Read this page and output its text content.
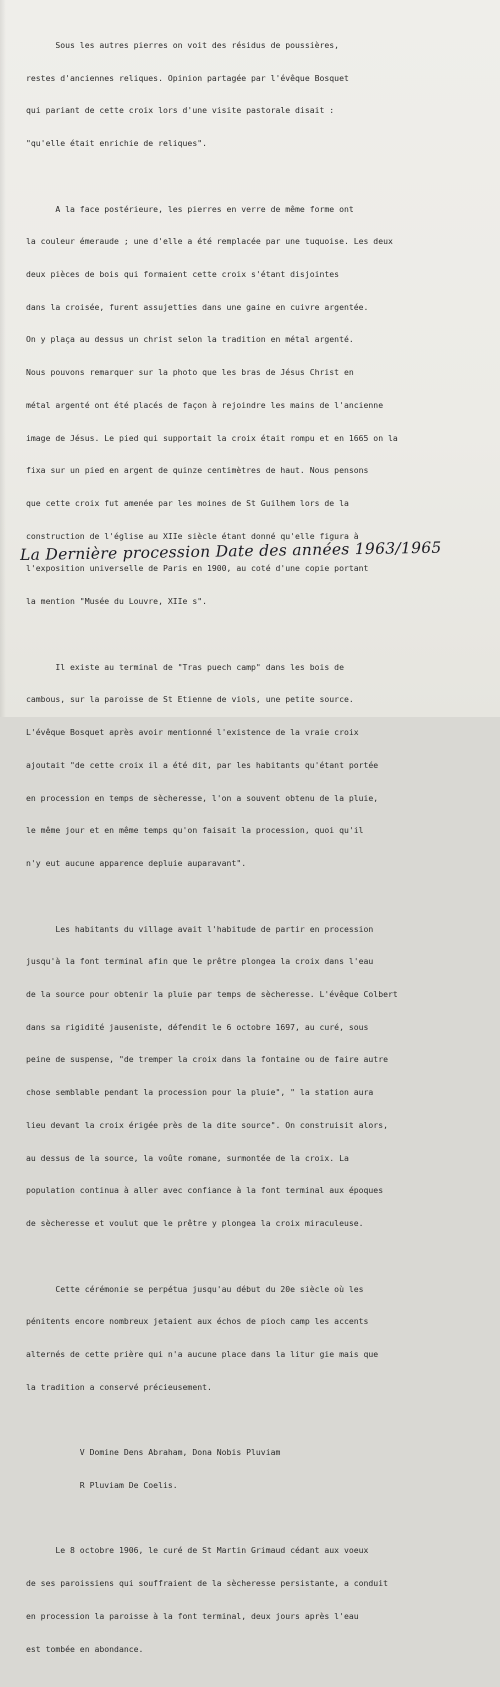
Sous les autres pierres on voit des résidus de poussières,

restes d'anciennes reliques. Opinion partagée par l'évêque Bosquet

qui pariant de cette croix lors d'une visite pastorale disait :

"qu'elle était enrichie de reliques".

A la face postérieure, les pierres en verre de même forme ont

la couleur émeraude ; une d'elle a été remplacée par une tuquoise. Les deux

deux pièces de bois qui formaient cette croix s'étant disjointes

dans la croisée, furent assujetties dans une gaine en cuivre argentée.

On y plaça au dessus un christ selon la tradition en métal argenté.

Nous pouvons remarquer sur la photo que les bras de Jésus Christ en

métal argenté ont été placés de façon à rejoindre les mains de l'ancienne

image de Jésus. Le pied qui supportait la croix était rompu et en 1665 on la

fixa sur un pied en argent de quinze centimètres de haut. Nous pensons

que cette croix fut amenée par les moines de St Guilhem lors de la

construction de l'église au XIIe siècle étant donné qu'elle figura à

l'exposition universelle de Paris en 1900, au coté d'une copie portant

la mention "Musée du Louvre, XIIe s".

Il existe au terminal de "Tras puech camp" dans les bois de

cambous, sur la paroisse de St Etienne de viols, une petite source.

L'évêque Bosquet après avoir mentionné l'existence de la vraie croix

ajoutait "de cette croix il a été dit, par les habitants qu'étant portée

en procession en temps de sècheresse, l'on a souvent obtenu de la pluie,

le même jour et en même temps qu'on faisait la procession, quoi qu'il

n'y eut aucune apparence depluie auparavant".

Les habitants du village avait l'habitude de partir en procession

jusqu'à la font terminal afin que le prêtre plongea la croix dans l'eau

de la source pour obtenir la pluie par temps de sècheresse. L'évêque Colbert

dans sa rigidité jauseniste, défendit le 6 octobre 1697, au curé, sous

peine de suspense, "de tremper la croix dans la fontaine ou de faire autre

chose semblable pendant la procession pour la pluie", " la station aura

lieu devant la croix érigée près de la dite source". On construisit alors,

au dessus de la source, la voûte romane, surmontée de la croix. La

population continua à aller avec confiance à la font terminal aux époques

de sècheresse et voulut que le prêtre y plongea la croix miraculeuse.

Cette cérémonie se perpétua jusqu'au début du 20e siècle où les

pénitents encore nombreux jetaient aux échos de pioch camp les accents

alternés de cette prière qui n'a aucune place dans la litur gie mais que

la tradition a conservé précieusement.

V Domine Dens Abraham, Dona Nobis Pluviam

R Pluviam De Coelis.

Le 8 octobre 1906, le curé de St Martin Grimaud cédant aux voeux

de ses paroissiens qui souffraient de la sècheresse persistante, a conduit

en procession la paroisse à la font terminal, deux jours après l'eau

est tombée en abondance.

La Dernière procession Date des années 1963/1965
